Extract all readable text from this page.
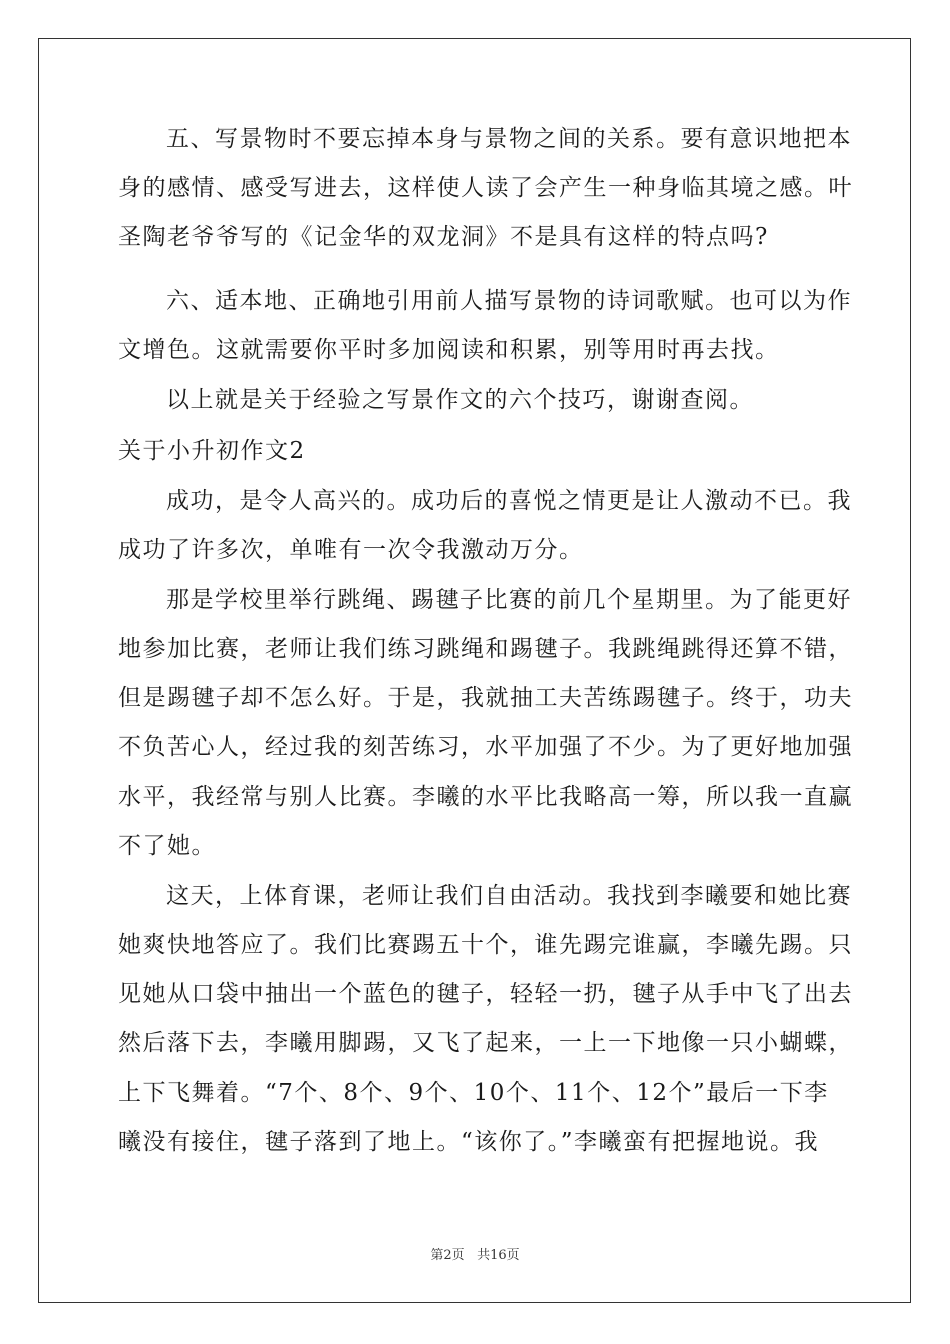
五、写景物时不要忘掉本身与景物之间的关系。要有意识地把本
身的感情、感受写进去，这样使人读了会产生一种身临其境之感。叶
圣陶老爷爷写的《记金华的双龙洞》不是具有这样的特点吗?
六、适本地、正确地引用前人描写景物的诗词歌赋。也可以为作
文增色。这就需要你平时多加阅读和积累，别等用时再去找。
以上就是关于经验之写景作文的六个技巧，谢谢查阅。
关于小升初作文2
成功，是令人高兴的。成功后的喜悦之情更是让人激动不已。我
成功了许多次，单唯有一次令我激动万分。
那是学校里举行跳绳、踢毽子比赛的前几个星期里。为了能更好
地参加比赛，老师让我们练习跳绳和踢毽子。我跳绳跳得还算不错，
但是踢毽子却不怎么好。于是，我就抽工夫苦练踢毽子。终于，功夫
不负苦心人，经过我的刻苦练习，水平加强了不少。为了更好地加强
水平，我经常与别人比赛。李曦的水平比我略高一筹，所以我一直赢
不了她。
这天，上体育课，老师让我们自由活动。我找到李曦要和她比赛
她爽快地答应了。我们比赛踢五十个，谁先踢完谁赢，李曦先踢。只
见她从口袋中抽出一个蓝色的毽子，轻轻一扔，毽子从手中飞了出去
然后落下去，李曦用脚踢，又飞了起来，一上一下地像一只小蝴蝶，
上下飞舞着。“7个、8个、9个、10个、11个、12个”最后一下李
曦没有接住，毽子落到了地上。“该你了。”李曦蛮有把握地说。我
第2页 共16页
